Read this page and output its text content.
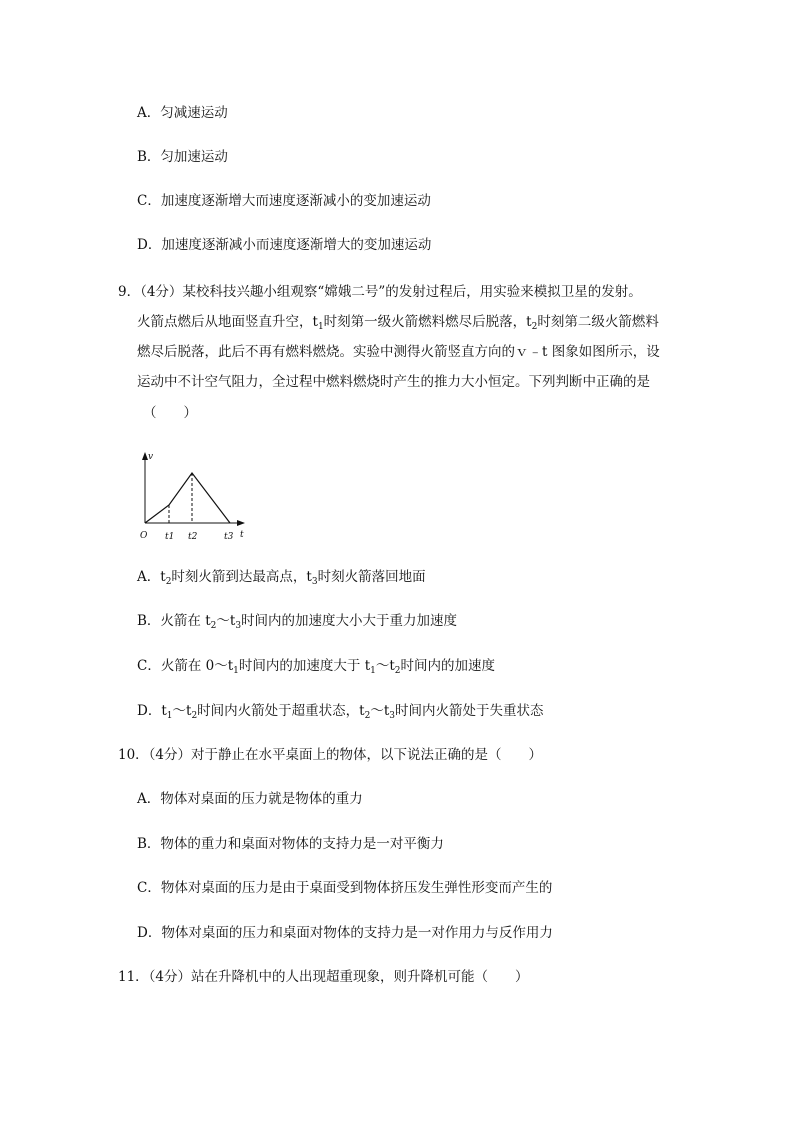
A．匀减速运动
B．匀加速运动
C．加速度逐渐增大而速度逐渐减小的变加速运动
D．加速度逐渐减小而速度逐渐增大的变加速运动
9．（4分）某校科技兴趣小组观察“嫦娥二号”的发射过程后，用实验来模拟卫星的发射。
火箭点燃后从地面竖直升空，$t_1$时刻第一级火箭燃料燃尽后脱落，$t_2$时刻第二级火箭燃料
燃尽后脱落，此后不再有燃料燃烧。实验中测得火箭竖直方向的ｖ﹣t 图象如图所示，设
运动中不计空气阻力，全过程中燃料燃烧时产生的推力大小恒定。下列判断中正确的是
（　　）
v
t
O t1 t2	t3
A．$t_2$时刻火箭到达最高点，$t_3$时刻火箭落回地面
B．火箭在 $t_2\sim t_3$时间内的加速度大小大于重力加速度
C．火箭在 $0\sim t_1$时间内的加速度大于 $t_1\sim t_2$时间内的加速度
D．$t_1\sim t_2$时间内火箭处于超重状态，$t_2\sim t_3$时间内火箭处于失重状态
10．（4分）对于静止在水平桌面上的物体，以下说法正确的是（　　）
A．物体对桌面的压力就是物体的重力
B．物体的重力和桌面对物体的支持力是一对平衡力
C．物体对桌面的压力是由于桌面受到物体挤压发生弹性形变而产生的
D．物体对桌面的压力和桌面对物体的支持力是一对作用力与反作用力
11．（4分）站在升降机中的人出现超重现象，则升降机可能（　　）
